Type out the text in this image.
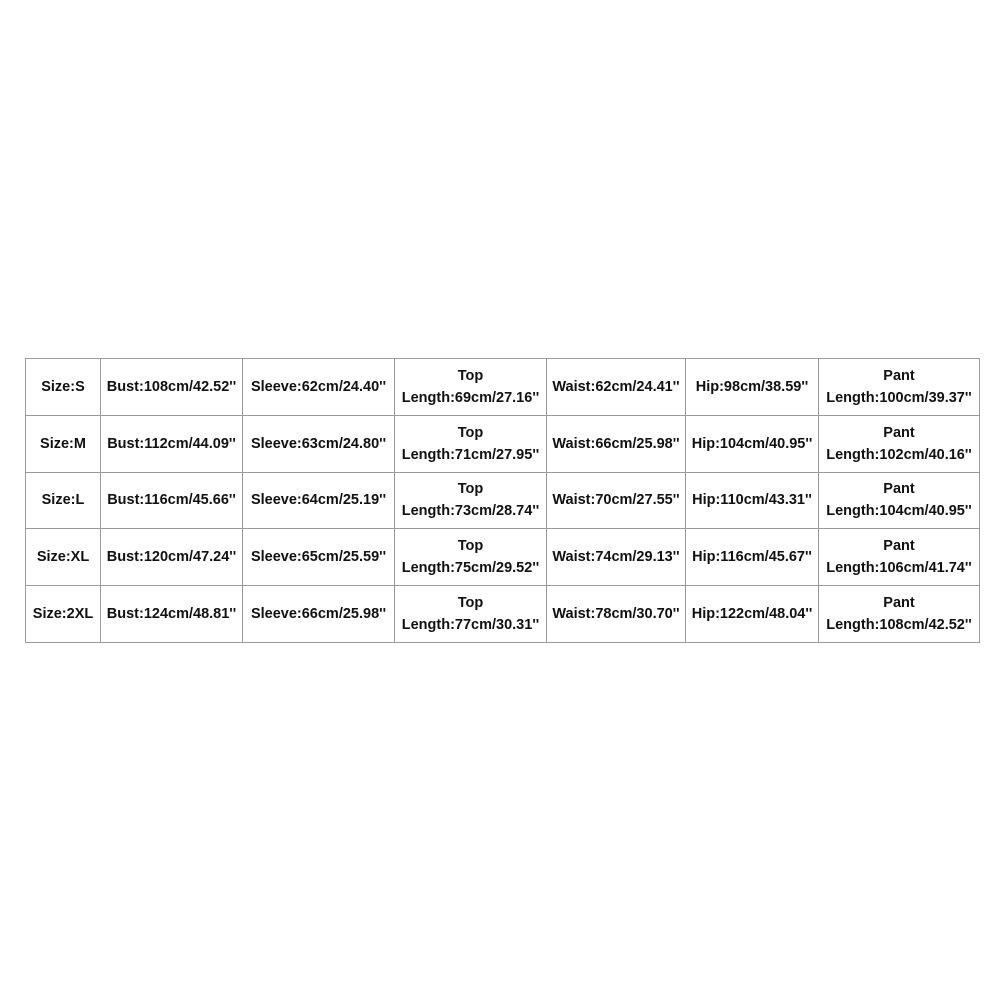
Size:S	Bust:108cm/42.52''	Sleeve:62cm/24.40''	Top
Length:69cm/27.16''	Waist:62cm/24.41''	Hip:98cm/38.59''	Pant
Length:100cm/39.37''

Size:M	Bust:112cm/44.09''	Sleeve:63cm/24.80''	Top
Length:71cm/27.95''	Waist:66cm/25.98''	Hip:104cm/40.95''	Pant
Length:102cm/40.16''

Size:L	Bust:116cm/45.66''	Sleeve:64cm/25.19''	Top
Length:73cm/28.74''	Waist:70cm/27.55''	Hip:110cm/43.31''	Pant
Length:104cm/40.95''

Size:XL	Bust:120cm/47.24''	Sleeve:65cm/25.59''	Top
Length:75cm/29.52''	Waist:74cm/29.13''	Hip:116cm/45.67''	Pant
Length:106cm/41.74''

Size:2XL	Bust:124cm/48.81''	Sleeve:66cm/25.98''	Top
Length:77cm/30.31''	Waist:78cm/30.70''	Hip:122cm/48.04''	Pant
Length:108cm/42.52''
